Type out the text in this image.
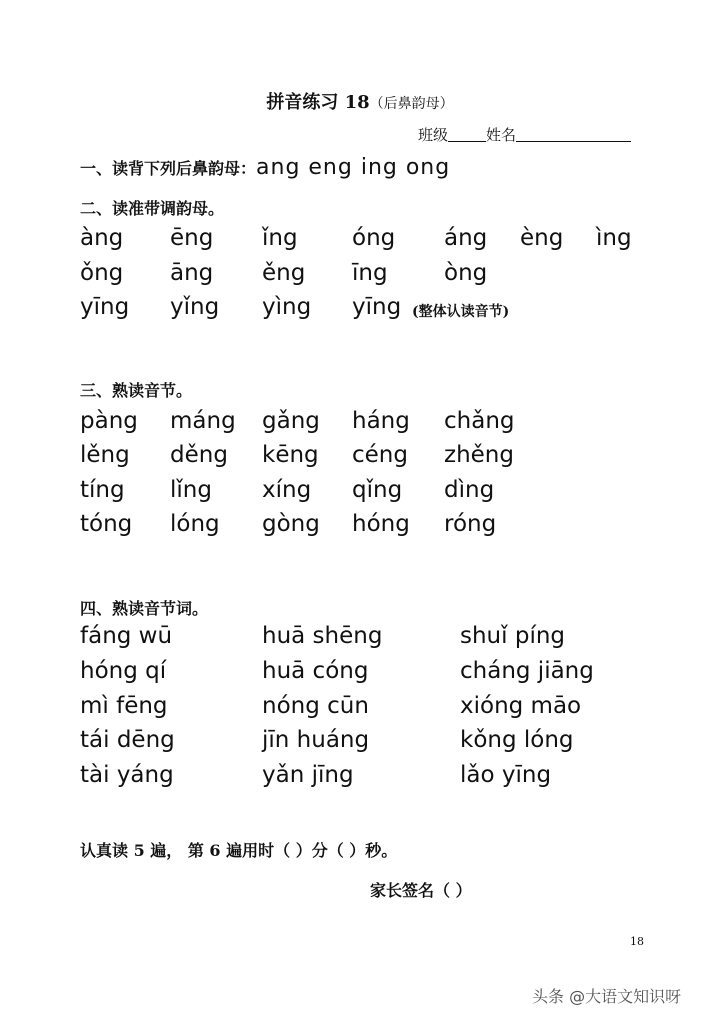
拼音练习 18（后鼻韵母）
班级	姓名
一、读背下列后鼻韵母：ang eng ing ong
二、读准带调韵母。
àng ēng ǐng óng áng èng ìng
ǒng āng ěng īng òng
yīng yǐng yìng yīng (整体认读音节)
三、熟读音节。
pàng máng gǎng háng chǎng
lěng děng kēng céng zhěng
tíng lǐng xíng qǐng dìng
tóng lóng gòng hóng róng
四、熟读音节词。
fáng wū	huā shēng	shuǐ píng
hóng qí	huā cóng	cháng jiāng
mì fēng	nóng cūn	xióng māo
tái dēng	jīn huáng	kǒng lóng
tài yáng	yǎn jīng	lǎo yīng
认真读 5 遍， 第 6 遍用时（ ）分（ ）秒。
家长签名（ ）
18
头条 @大语文知识呀
